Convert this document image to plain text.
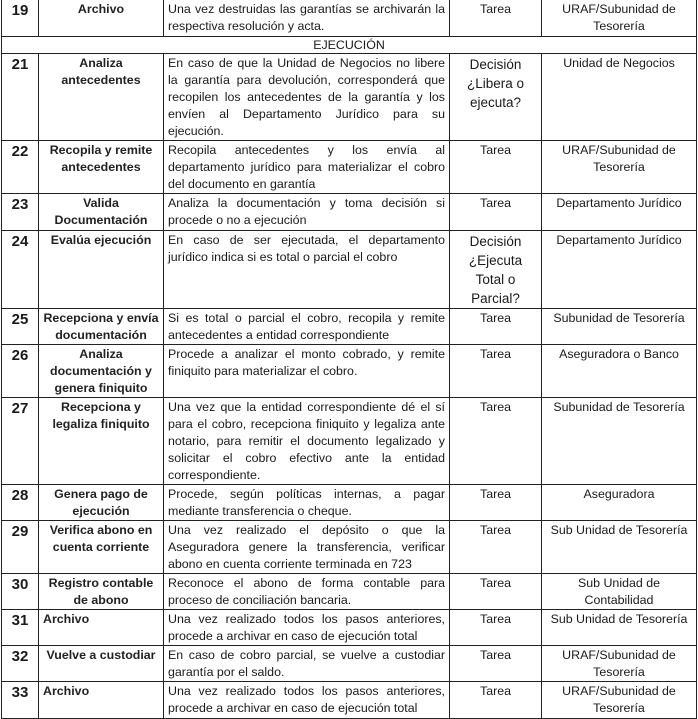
19	Archivo	Una vez destruidas las garantías se archivarán la respectiva resolución y acta.	Tarea	URAF/Subunidad de Tesorería
EJECUCIÓN				
21	Analiza antecedentes	En caso de que la Unidad de Negocios no libere la garantía para devolución, corresponderá que recopilen los antecedentes de la garantía y los envíen al Departamento Jurídico para su ejecución.	Decisión ¿Libera o ejecuta?	Unidad de Negocios
22	Recopila y remite antecedentes	Recopila antecedentes y los envía al departamento jurídico para materializar el cobro del documento en garantía	Tarea	URAF/Subunidad de Tesorería
23	Valida Documentación	Analiza la documentación y toma decisión si procede o no a ejecución	Tarea	Departamento Jurídico
24	Evalúa ejecución	En caso de ser ejecutada, el departamento jurídico indica si es total o parcial el cobro	Decisión ¿Ejecuta Total o Parcial?	Departamento Jurídico
25	Recepciona y envía documentación	Si es total o parcial el cobro, recopila y remite antecedentes a entidad correspondiente	Tarea	Subunidad de Tesorería
26	Analiza documentación y genera finiquito	Procede a analizar el monto cobrado, y remite finiquito para materializar el cobro.	Tarea	Aseguradora o Banco
27	Recepciona y legaliza finiquito	Una vez que la entidad correspondiente dé el sí para el cobro, recepciona finiquito y legaliza ante notario, para remitir el documento legalizado y solicitar el cobro efectivo ante la entidad correspondiente.	Tarea	Subunidad de Tesorería
28	Genera pago de ejecución	Procede, según políticas internas, a pagar mediante transferencia o cheque.	Tarea	Aseguradora
29	Verifica abono en cuenta corriente	Una vez realizado el depósito o que la Aseguradora genere la transferencia, verificar abono en cuenta corriente terminada en 723	Tarea	Sub Unidad de Tesorería
30	Registro contable de abono	Reconoce el abono de forma contable para proceso de conciliación bancaria.	Tarea	Sub Unidad de Contabilidad
31	Archivo	Una vez realizado todos los pasos anteriores, procede a archivar en caso de ejecución total	Tarea	Sub Unidad de Tesorería
32	Vuelve a custodiar	En caso de cobro parcial, se vuelve a custodiar garantía por el saldo.	Tarea	URAF/Subunidad de Tesorería
33	Archivo	Una vez realizado todos los pasos anteriores, procede a archivar en caso de ejecución total	Tarea	URAF/Subunidad de Tesorería
